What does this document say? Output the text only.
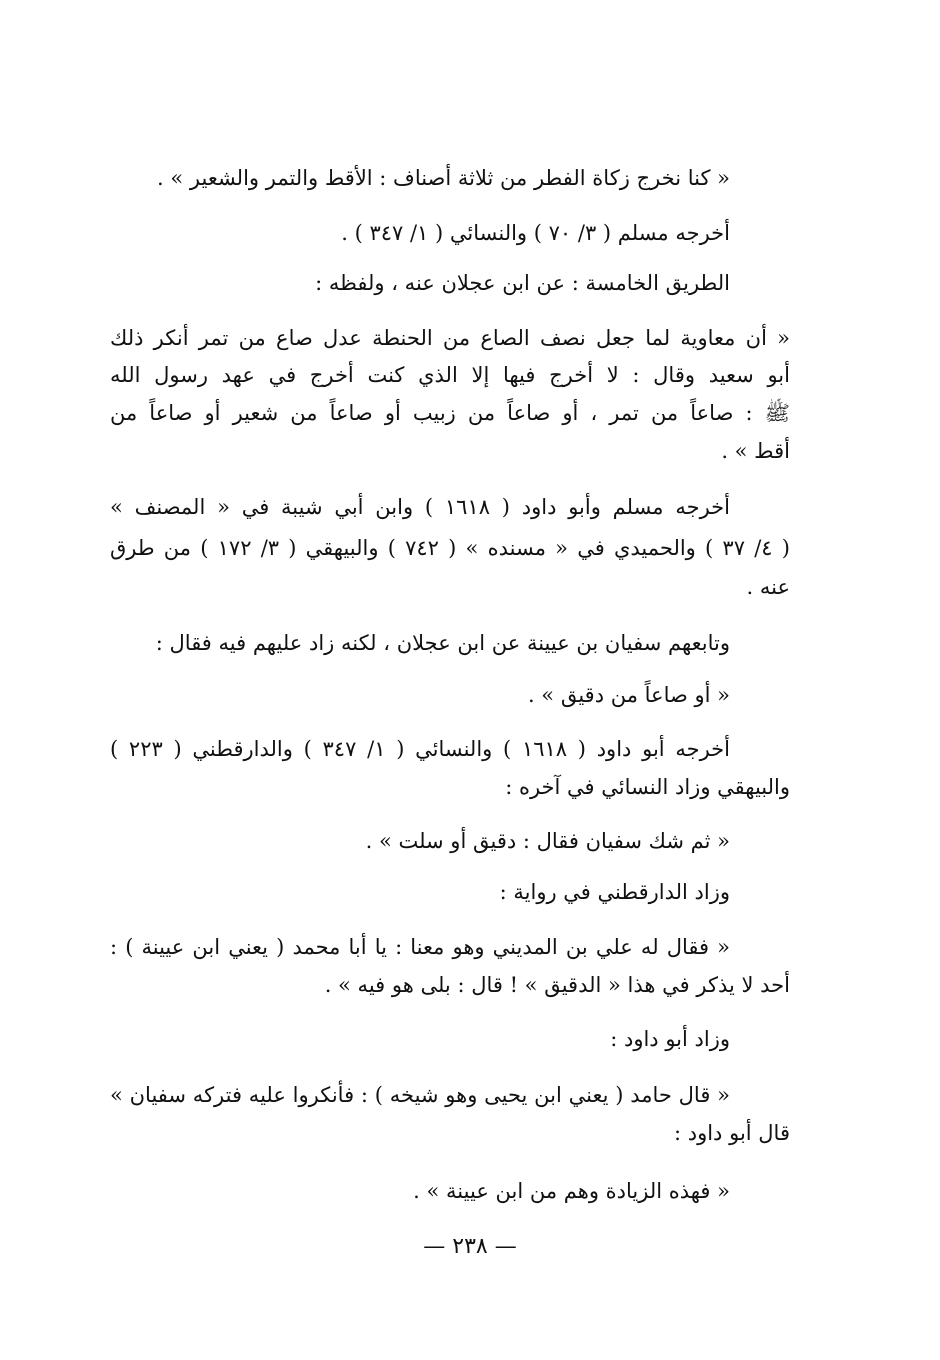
« كنا نخرج زكاة الفطر من ثلاثة أصناف : الأقط والتمر والشعير » .

أخرجه مسلم ( ٣/ ٧٠ ) والنسائي ( ١/ ٣٤٧ ) .

الطريق الخامسة : عن ابن عجلان عنه ، ولفظه :

« أن معاوية لما جعل نصف الصاع من الحنطة عدل صاع من تمر أنكر ذلك

أبو سعيد وقال : لا أخرج فيها إلا الذي كنت أخرج في عهد رسول الله

ﷺ : صاعاً من تمر ، أو صاعاً من زبيب أو صاعاً من شعير أو صاعاً من

أقط » .

أخرجه مسلم وأبو داود ( ١٦١٨ ) وابن أبي شيبة في « المصنف »

( ٤/ ٣٧ ) والحميدي في « مسنده » ( ٧٤٢ ) والبيهقي ( ٣/ ١٧٢ ) من طرق

عنه .

وتابعهم سفيان بن عيينة عن ابن عجلان ، لكنه زاد عليهم فيه فقال :

« أو صاعاً من دقيق » .

أخرجه أبو داود ( ١٦١٨ ) والنسائي ( ١/ ٣٤٧ ) والدارقطني ( ٢٢٣ )

والبيهقي وزاد النسائي في آخره :

« ثم شك سفيان فقال : دقيق أو سلت » .

وزاد الدارقطني في رواية :

« فقال له علي بن المديني وهو معنا : يا أبا محمد ( يعني ابن عيينة ) :

أحد لا يذكر في هذا « الدقيق » ! قال : بلى هو فيه » .

وزاد أبو داود :

« قال حامد ( يعني ابن يحيى وهو شيخه ) : فأنكروا عليه فتركه سفيان »

قال أبو داود :

« فهذه الزيادة وهم من ابن عيينة » .

— ٢٣٨ —
